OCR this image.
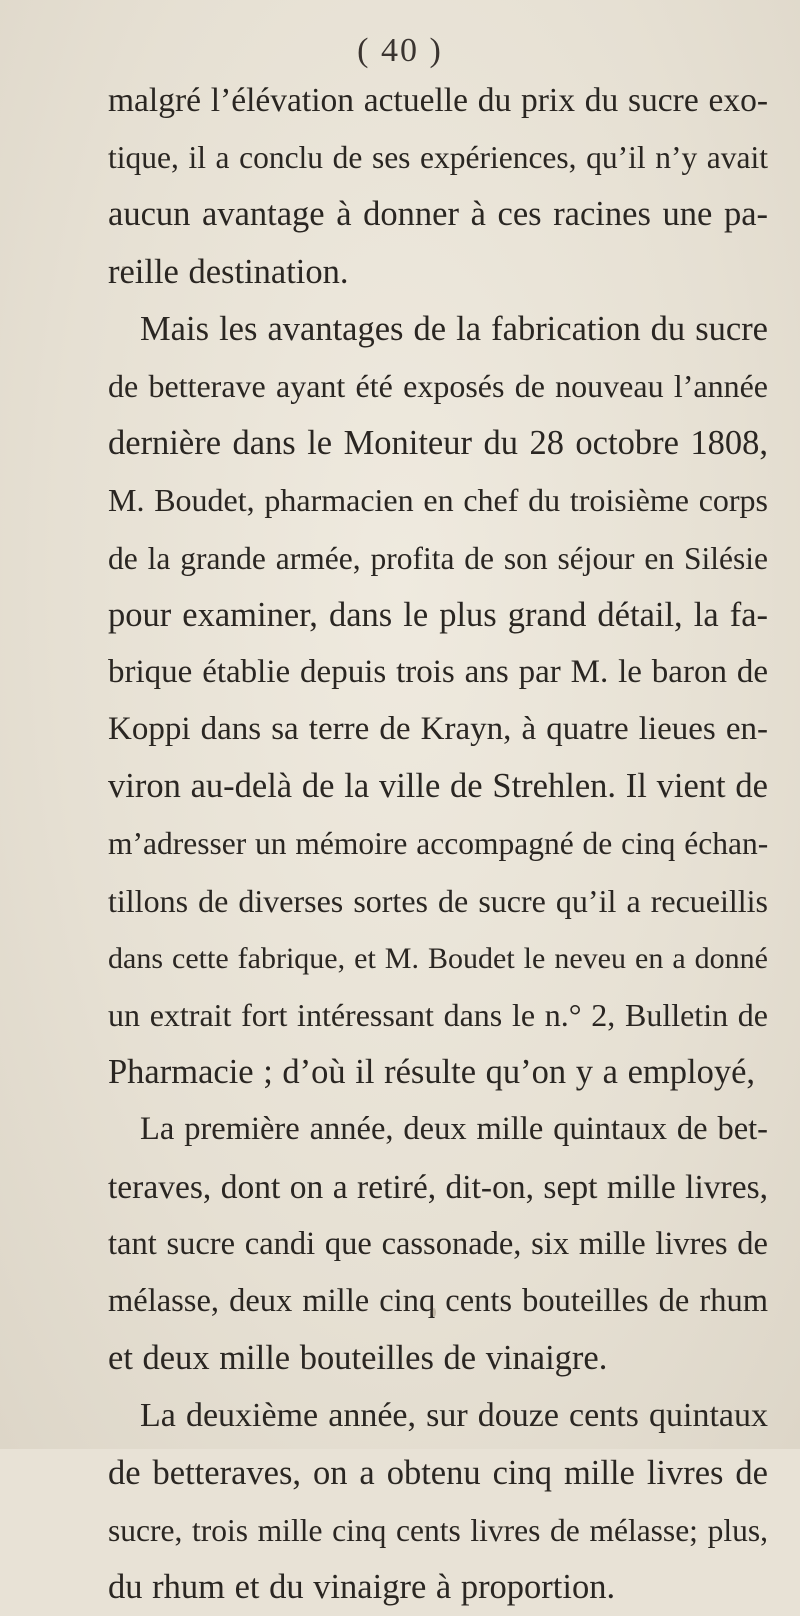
( 40 )
malgré l’élévation actuelle du prix du sucre exo-
tique, il a conclu de ses expériences, qu’il n’y avait
aucun avantage à donner à ces racines une pa-
reille destination.
Mais les avantages de la fabrication du sucre
de betterave ayant été exposés de nouveau l’année
dernière dans le Moniteur du 28 octobre 1808,
M. Boudet, pharmacien en chef du troisième corps
de la grande armée, profita de son séjour en Silésie
pour examiner, dans le plus grand détail, la fa-
brique établie depuis trois ans par M. le baron de
Koppi dans sa terre de Krayn, à quatre lieues en-
viron au-delà de la ville de Strehlen. Il vient de
m’adresser un mémoire accompagné de cinq échan-
tillons de diverses sortes de sucre qu’il a recueillis
dans cette fabrique, et M. Boudet le neveu en a donné
un extrait fort intéressant dans le n.° 2, Bulletin de
Pharmacie ; d’où il résulte qu’on y a employé,
La première année, deux mille quintaux de bet-
teraves, dont on a retiré, dit-on, sept mille livres,
tant sucre candi que cassonade, six mille livres de
mélasse, deux mille cinq cents bouteilles de rhum
et deux mille bouteilles de vinaigre.
La deuxième année, sur douze cents quintaux
de betteraves, on a obtenu cinq mille livres de
sucre, trois mille cinq cents livres de mélasse; plus,
du rhum et du vinaigre à proportion.
